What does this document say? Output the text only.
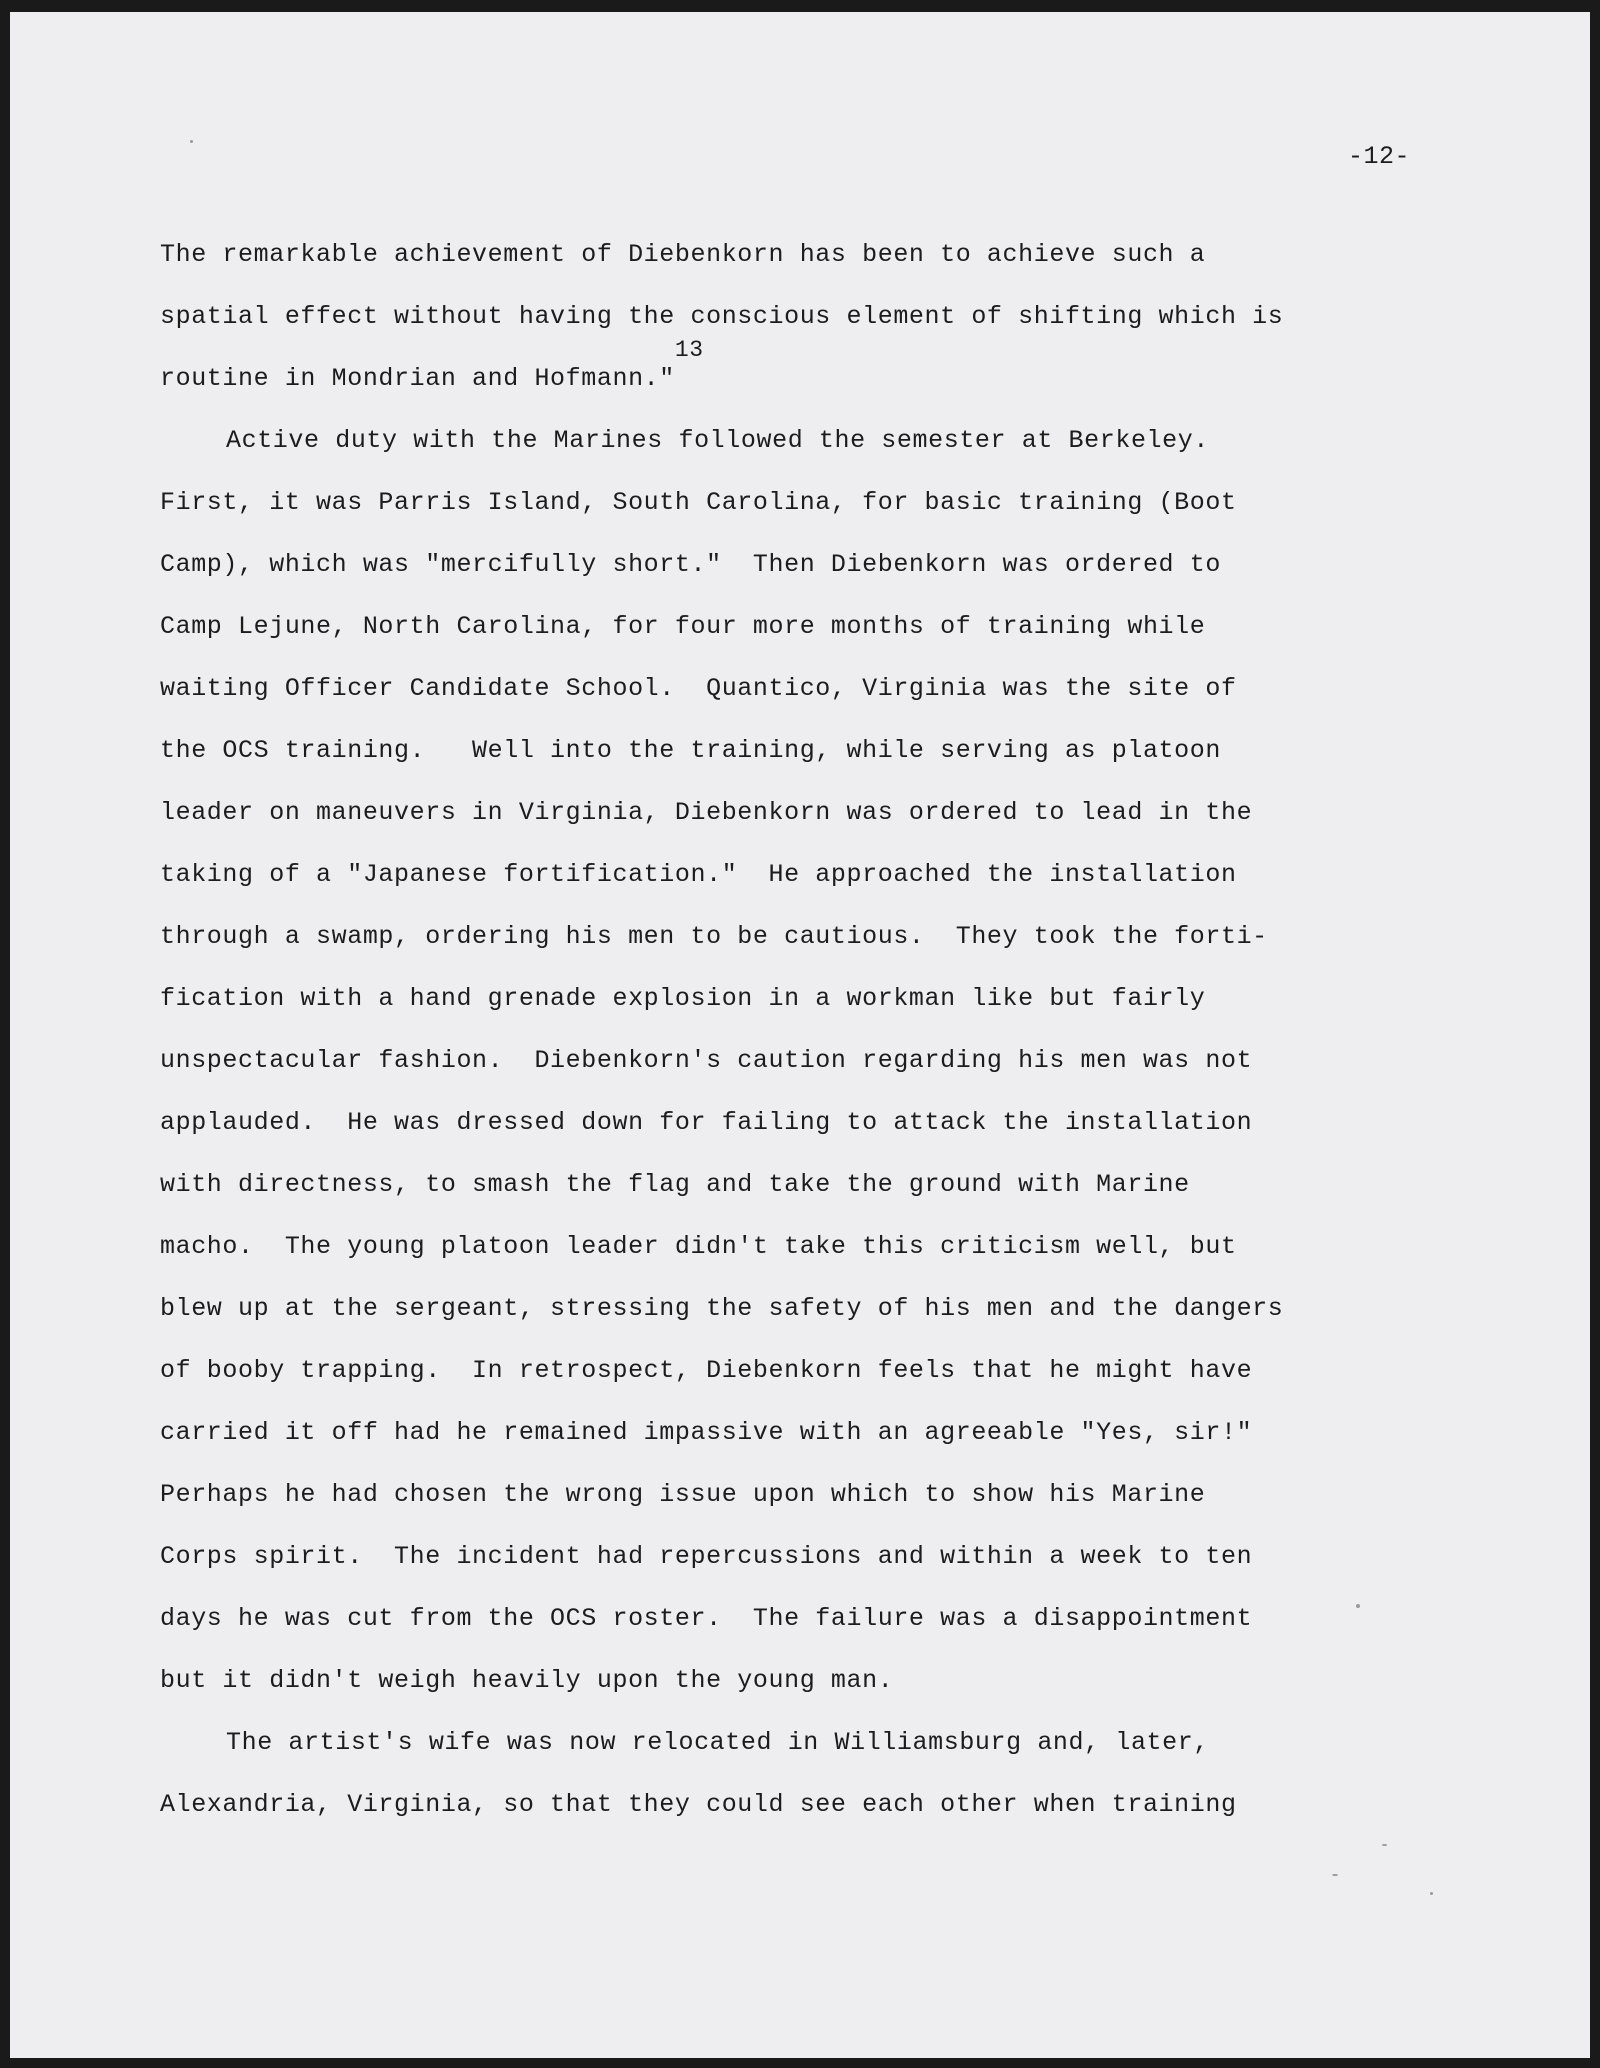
-12-
The remarkable achievement of Diebenkorn has been to achieve such a
spatial effect without having the conscious element of shifting which is
routine in Mondrian and Hofmann."13
Active duty with the Marines followed the semester at Berkeley.
First, it was Parris Island, South Carolina, for basic training (Boot
Camp), which was "mercifully short."  Then Diebenkorn was ordered to
Camp Lejune, North Carolina, for four more months of training while
waiting Officer Candidate School.  Quantico, Virginia was the site of
the OCS training.   Well into the training, while serving as platoon
leader on maneuvers in Virginia, Diebenkorn was ordered to lead in the
taking of a "Japanese fortification."  He approached the installation
through a swamp, ordering his men to be cautious.  They took the forti-
fication with a hand grenade explosion in a workman like but fairly
unspectacular fashion.  Diebenkorn's caution regarding his men was not
applauded.  He was dressed down for failing to attack the installation
with directness, to smash the flag and take the ground with Marine
macho.  The young platoon leader didn't take this criticism well, but
blew up at the sergeant, stressing the safety of his men and the dangers
of booby trapping.  In retrospect, Diebenkorn feels that he might have
carried it off had he remained impassive with an agreeable "Yes, sir!"
Perhaps he had chosen the wrong issue upon which to show his Marine
Corps spirit.  The incident had repercussions and within a week to ten
days he was cut from the OCS roster.  The failure was a disappointment
but it didn't weigh heavily upon the young man.
The artist's wife was now relocated in Williamsburg and, later,
Alexandria, Virginia, so that they could see each other when training
